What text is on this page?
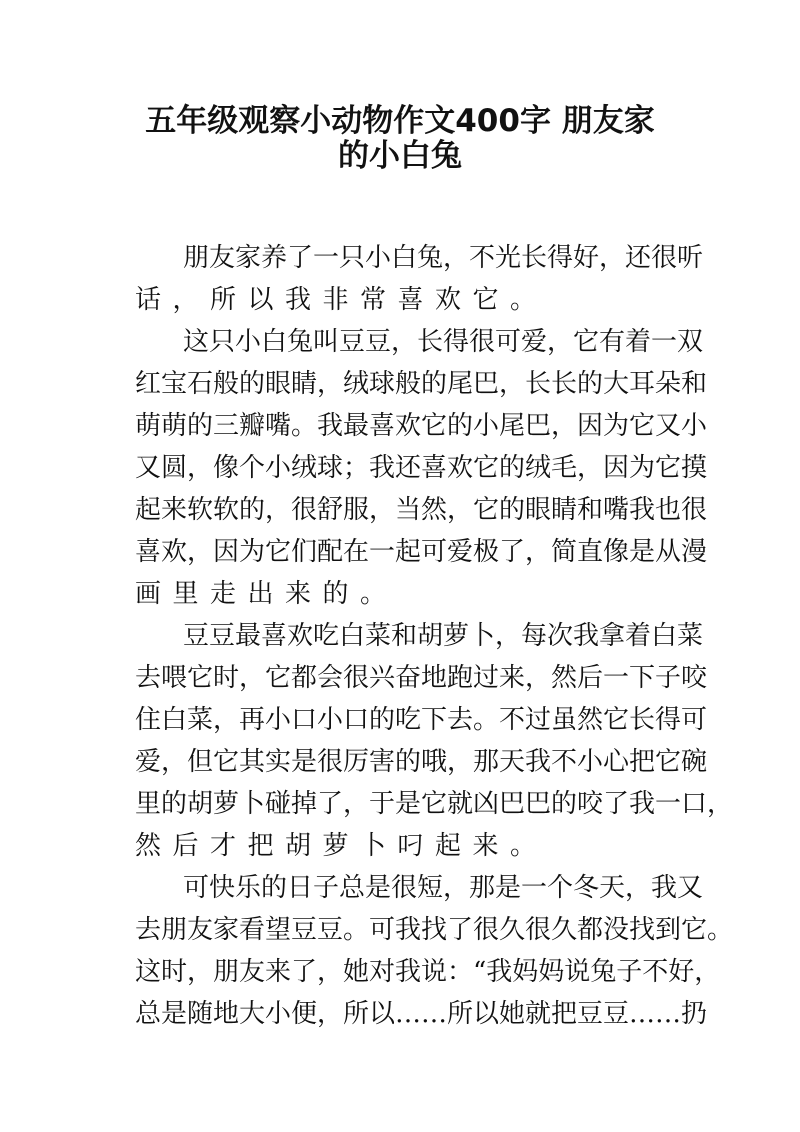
五年级观察小动物作文400字 朋友家
的小白兔
朋友家养了一只小白兔，不光长得好，还很听
话，所以我非常喜欢它。
这只小白兔叫豆豆，长得很可爱，它有着一双
红宝石般的眼睛，绒球般的尾巴，长长的大耳朵和
萌萌的三瓣嘴。我最喜欢它的小尾巴，因为它又小
又圆，像个小绒球；我还喜欢它的绒毛，因为它摸
起来软软的，很舒服，当然，它的眼睛和嘴我也很
喜欢，因为它们配在一起可爱极了，简直像是从漫
画里走出来的。
豆豆最喜欢吃白菜和胡萝卜，每次我拿着白菜
去喂它时，它都会很兴奋地跑过来，然后一下子咬
住白菜，再小口小口的吃下去。不过虽然它长得可
爱，但它其实是很厉害的哦，那天我不小心把它碗
里的胡萝卜碰掉了，于是它就凶巴巴的咬了我一口，
然后才把胡萝卜叼起来。
可快乐的日子总是很短，那是一个冬天，我又
去朋友家看望豆豆。可我找了很久很久都没找到它。
这时，朋友来了，她对我说：“我妈妈说兔子不好，
总是随地大小便，所以……所以她就把豆豆……扔
